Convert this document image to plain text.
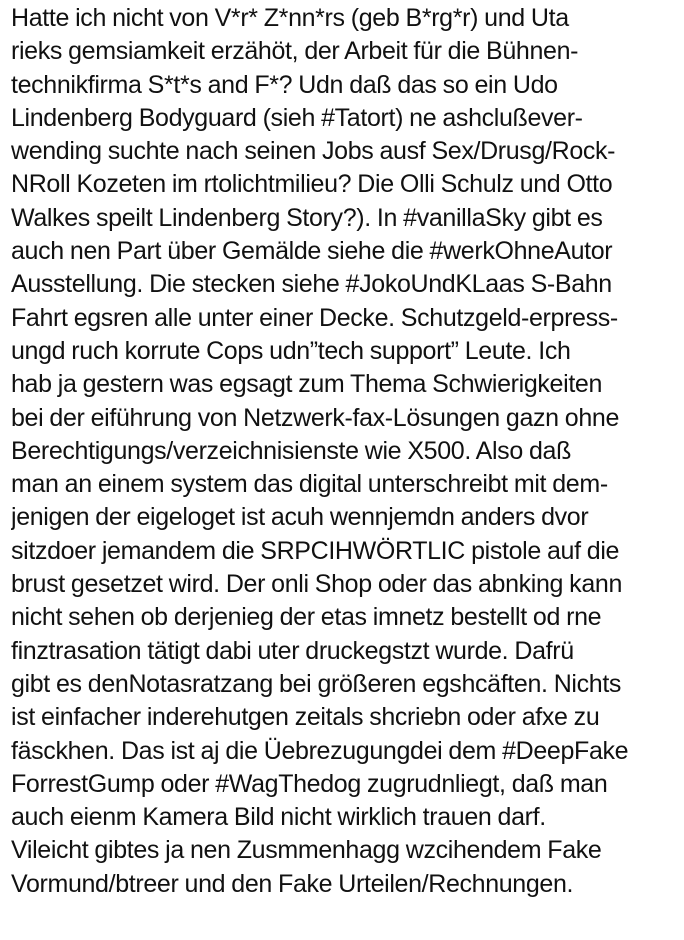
Hatte ich nicht von V*r* Z*nn*rs (geb B*rg*r) und Uta
rieks gemsiamkeit erzähöt, der Arbeit für die Bühnen-
technikfirma S*t*s and F*? Udn daß das so ein Udo
Lindenberg Bodyguard (sieh #Tatort) ne ashclußever-
wending suchte nach seinen Jobs ausf Sex/Drusg/Rock-
NRoll Kozeten im rtolichtmilieu? Die Olli Schulz und Otto
Walkes speilt Lindenberg Story?). In #vanillaSky gibt es
auch nen Part über Gemälde siehe die #werkOhneAutor
Ausstellung. Die stecken siehe #JokoUndKLaas S-Bahn
Fahrt egsren alle unter einer Decke. Schutzgeld-erpress-
ungd ruch korrute Cops udn”tech support” Leute. Ich
hab ja gestern was egsagt zum Thema Schwierigkeiten
bei der eiführung von Netzwerk-fax-Lösungen gazn ohne
Berechtigungs/verzeichnisienste wie X500. Also daß
man an einem system das digital unterschreibt mit dem-
jenigen der eigeloget ist acuh wennjemdn anders dvor
sitzdoer jemandem die SRPCIHWÖRTLIC pistole auf die
brust gesetzet wird. Der onli Shop oder das abnking kann
nicht sehen ob derjenieg der etas imnetz bestellt od rne
finztrasation tätigt dabi uter druckegstzt wurde. Dafrü
gibt es denNotasratzang bei größeren egshcäften. Nichts
ist einfacher inderehutgen zeitals shcriebn oder afxe zu
fäsckhen. Das ist aj die Üebrezugungdei dem #DeepFake
ForrestGump oder #WagThedog zugrudnliegt, daß man
auch eienm Kamera Bild nicht wirklich trauen darf.
Vileicht gibtes ja nen Zusmmenhagg wzcihendem Fake
Vormund/btreer und den Fake Urteilen/Rechnungen.
